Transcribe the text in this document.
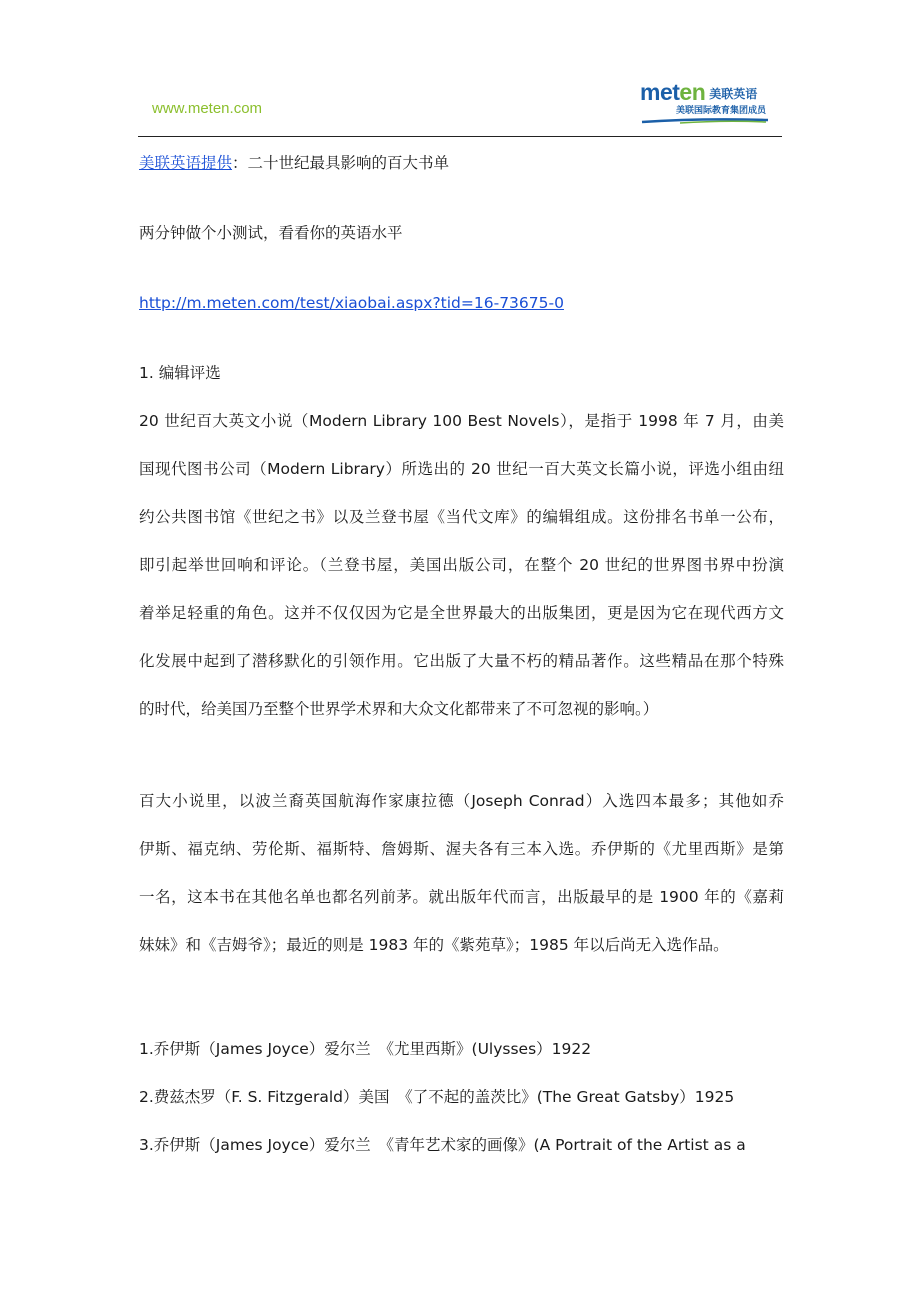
www.meten.com
meten 美联英语
美联国际教育集团成员
美联英语提供：二十世纪最具影响的百大书单
两分钟做个小测试，看看你的英语水平
http://m.meten.com/test/xiaobai.aspx?tid=16-73675-0
1. 编辑评选
20 世纪百大英文小说（Modern Library 100 Best Novels），是指于 1998 年 7 月，由美
国现代图书公司（Modern Library）所选出的 20 世纪一百大英文长篇小说，评选小组由纽
约公共图书馆《世纪之书》以及兰登书屋《当代文库》的编辑组成。这份排名书单一公布，
即引起举世回响和评论。（兰登书屋，美国出版公司，在整个 20 世纪的世界图书界中扮演
着举足轻重的角色。这并不仅仅因为它是全世界最大的出版集团，更是因为它在现代西方文
化发展中起到了潜移默化的引领作用。它出版了大量不朽的精品著作。这些精品在那个特殊
的时代，给美国乃至整个世界学术界和大众文化都带来了不可忽视的影响。）
百大小说里，以波兰裔英国航海作家康拉德（Joseph Conrad）入选四本最多；其他如乔
伊斯、福克纳、劳伦斯、福斯特、詹姆斯、渥夫各有三本入选。乔伊斯的《尤里西斯》是第
一名，这本书在其他名单也都名列前茅。就出版年代而言，出版最早的是 1900 年的《嘉莉
妹妹》和《吉姆爷》；最近的则是 1983 年的《紫苑草》；1985 年以后尚无入选作品。
1.乔伊斯（James Joyce）爱尔兰　《尤里西斯》(Ulysses）1922
2.费兹杰罗（F. S. Fitzgerald）美国　《了不起的盖茨比》(The Great Gatsby）1925
3.乔伊斯（James Joyce）爱尔兰　《青年艺术家的画像》(A Portrait of the Artist as a
